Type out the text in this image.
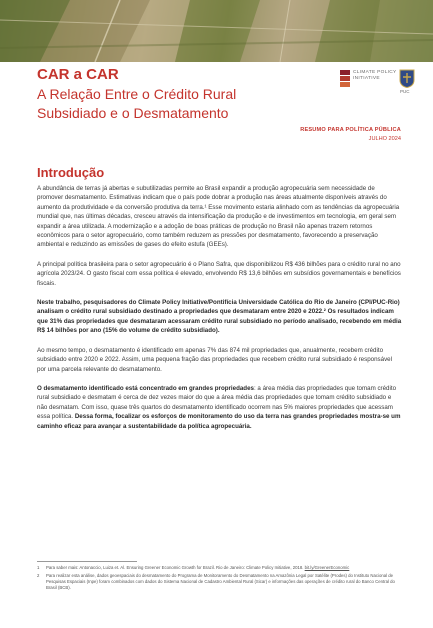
CAR a CAR
A Relação Entre o Crédito Rural Subsidiado e o Desmatamento
CLIMATE POLICY INITIATIVE
PUC
RESUMO PARA POLÍTICA PÚBLICA
JULHO 2024
Introdução

A abundância de terras já abertas e subutilizadas permite ao Brasil expandir a produção agropecuária sem necessidade de promover desmatamento. Estimativas indicam que o país pode dobrar a produção nas áreas atualmente disponíveis através do aumento da produtividade e da conversão produtiva da terra.¹ Esse movimento estaria alinhado com as tendências da agropecuária mundial que, nas últimas décadas, cresceu através da intensificação da produção e de investimentos em tecnologia, em geral sem expandir a área utilizada. A modernização e a adoção de boas práticas de produção no Brasil não apenas trazem retornos econômicos para o setor agropecuário, como também reduzem as pressões por desmatamento, favorecendo a preservação ambiental e reduzindo as emissões de gases do efeito estufa (GEEs).

A principal política brasileira para o setor agropecuário é o Plano Safra, que disponibilizou R$ 436 bilhões para o crédito rural no ano agrícola 2023/24. O gasto fiscal com essa política é elevado, envolvendo R$ 13,6 bilhões em subsídios governamentais e benefícios fiscais.

Neste trabalho, pesquisadores do Climate Policy Initiative/Pontifícia Universidade Católica do Rio de Janeiro (CPI/PUC-Rio) analisam o crédito rural subsidiado destinado a propriedades que desmataram entre 2020 e 2022.² Os resultados indicam que 31% das propriedades que desmataram acessaram crédito rural subsidiado no período analisado, recebendo em média R$ 14 bilhões por ano (15% do volume de crédito subsidiado).

Ao mesmo tempo, o desmatamento é identificado em apenas 7% das 874 mil propriedades que, anualmente, recebem crédito subsidiado entre 2020 e 2022. Assim, uma pequena fração das propriedades que recebem crédito rural subsidiado é responsável por uma parcela relevante do desmatamento.

O desmatamento identificado está concentrado em grandes propriedades: a área média das propriedades que tomam crédito rural subsidiado e desmatam é cerca de dez vezes maior do que a área média das propriedades que tomam crédito subsidiado e não desmatam. Com isso, quase três quartos do desmatamento identificado ocorrem nas 5% maiores propriedades que acessam essa política. Dessa forma, focalizar os esforços de monitoramento do uso da terra nas grandes propriedades mostra-se um caminho eficaz para avançar a sustentabilidade da política agropecuária.

1 Para saber mais: Antonaccio, Luiza et. Al. Ensuring Greener Economic Growth for Brazil. Rio de Janeiro: Climate Policy Initiative, 2018. bit.ly/GreenerEconomic
2 Para realizar esta análise, dados geoespaciais do desmatamento do Programa de Monitoramento do Desmatamento na Amazônia Legal por Satélite (Prodes) do Instituto Nacional de Pesquisas Espaciais (Inpe) foram combinados com dados do Sistema Nacional de Cadastro Ambiental Rural (Sicar) e informações das operações de crédito rural do Banco Central do Brasil (BCB).
